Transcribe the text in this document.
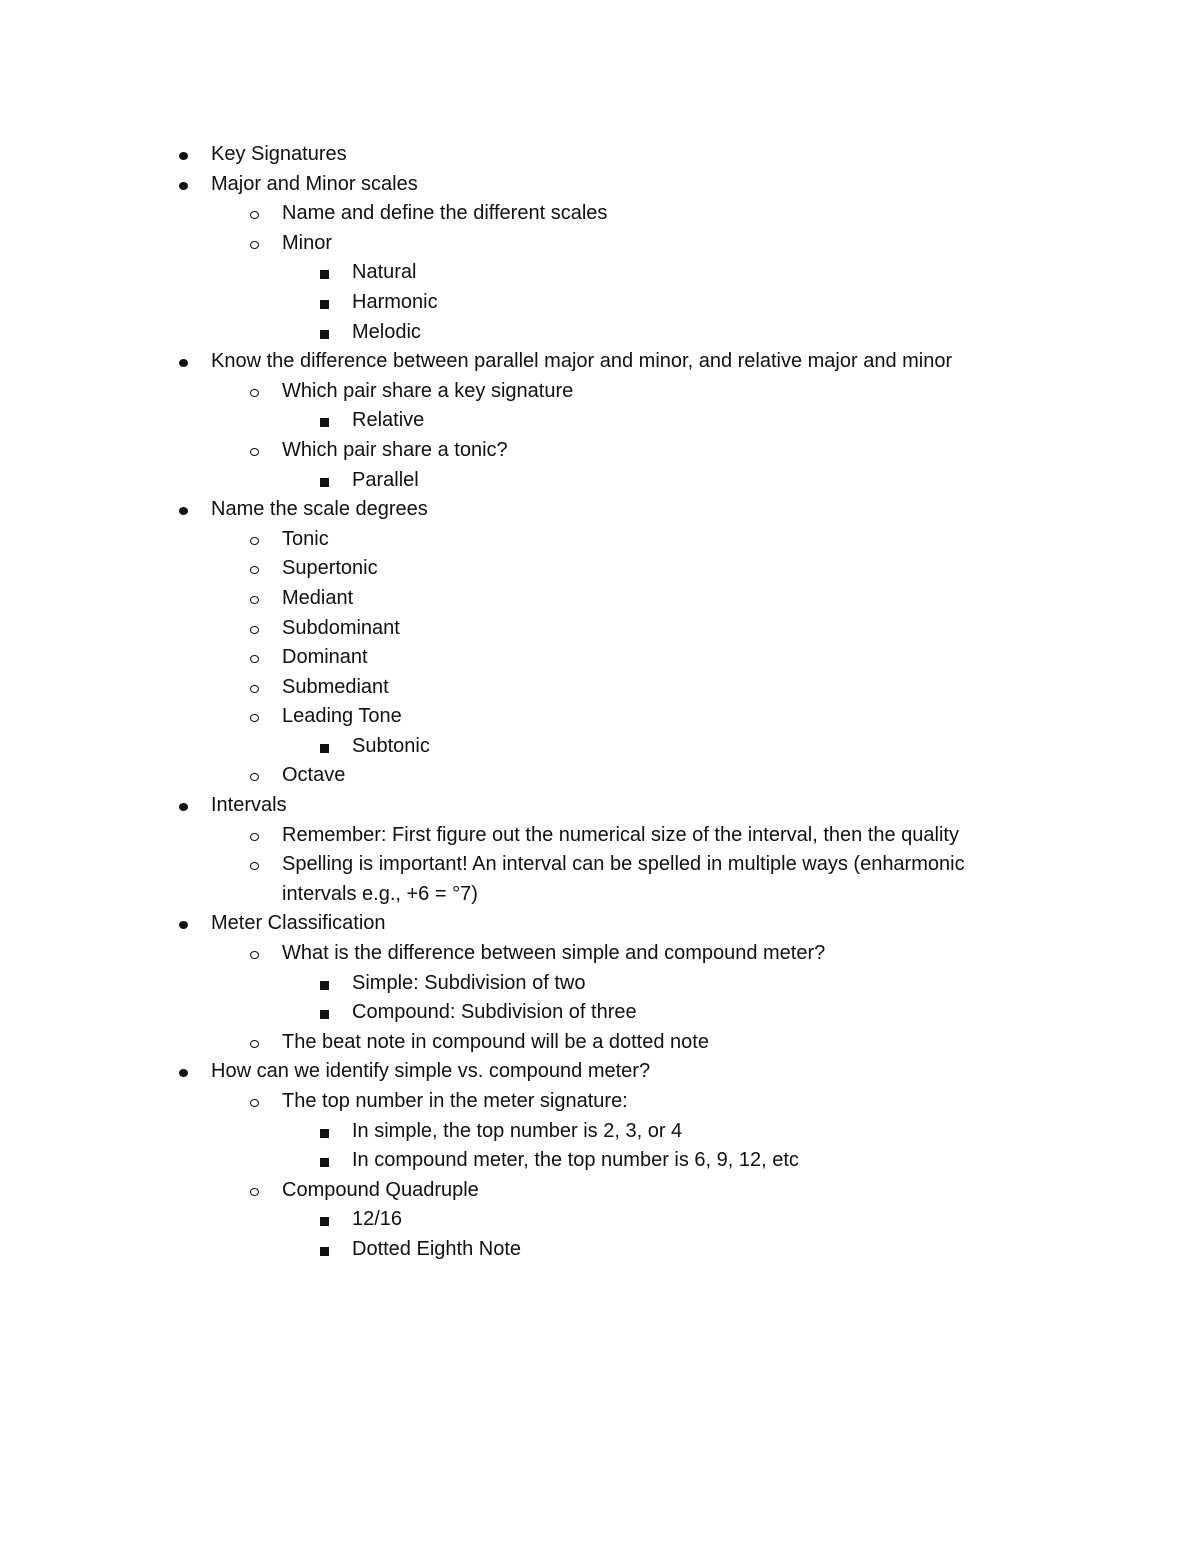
Key Signatures
Major and Minor scales
Name and define the different scales
Minor
Natural
Harmonic
Melodic
Know the difference between parallel major and minor, and relative major and minor
Which pair share a key signature
Relative
Which pair share a tonic?
Parallel
Name the scale degrees
Tonic
Supertonic
Mediant
Subdominant
Dominant
Submediant
Leading Tone
Subtonic
Octave
Intervals
Remember: First figure out the numerical size of the interval, then the quality
Spelling is important! An interval can be spelled in multiple ways (enharmonic intervals e.g., +6 = °7)
Meter Classification
What is the difference between simple and compound meter?
Simple: Subdivision of two
Compound: Subdivision of three
The beat note in compound will be a dotted note
How can we identify simple vs. compound meter?
The top number in the meter signature:
In simple, the top number is 2, 3, or 4
In compound meter, the top number is 6, 9, 12, etc
Compound Quadruple
12/16
Dotted Eighth Note
